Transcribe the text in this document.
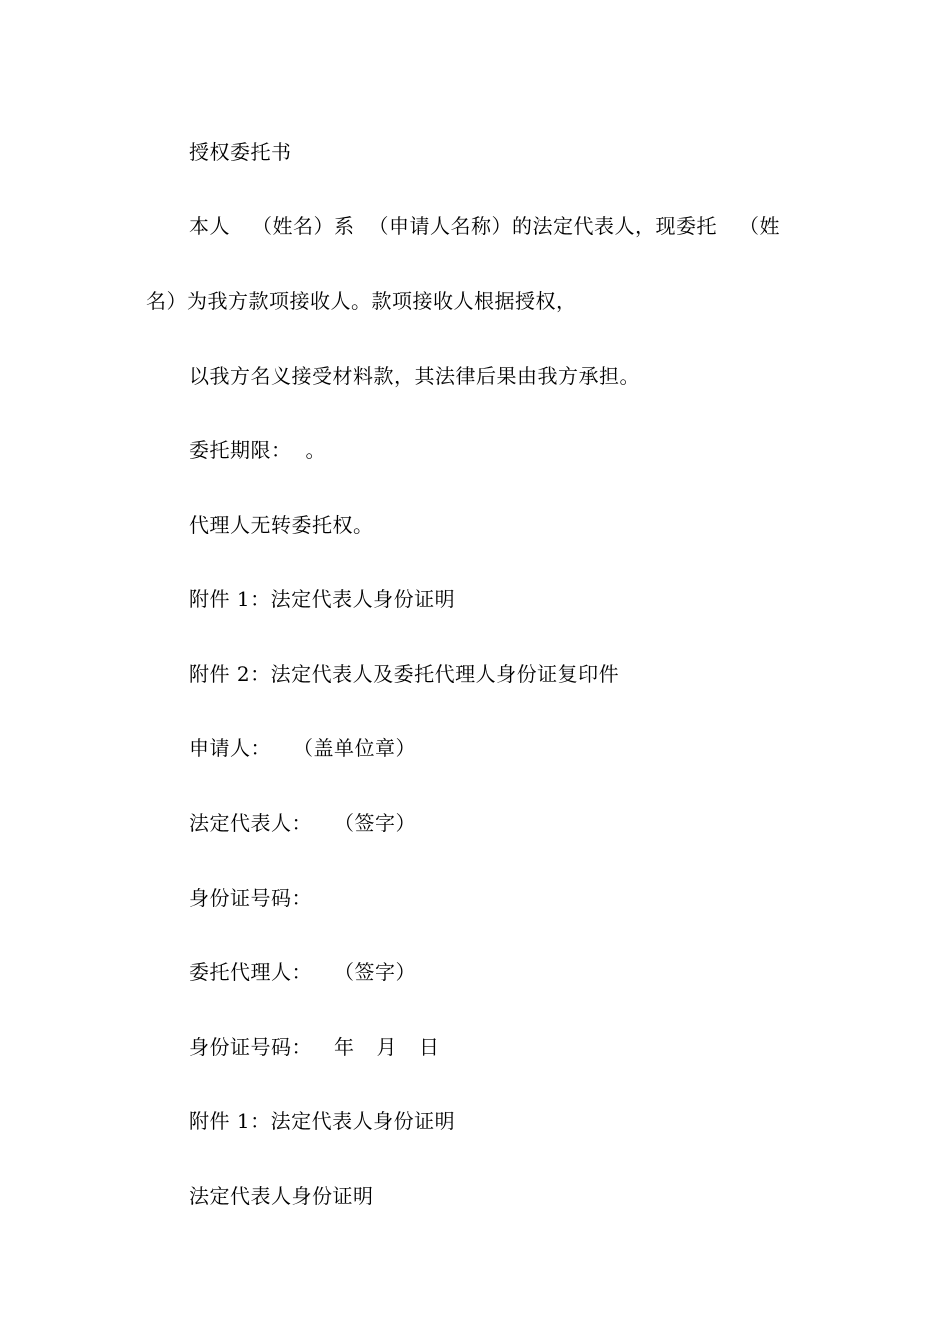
授权委托书

本人 （姓名）系 （申请人名称）的法定代表人，现委托 （姓

名）为我方款项接收人。款项接收人根据授权，

以我方名义接受材料款，其法律后果由我方承担。

委托期限： 。

代理人无转委托权。

附件 1：法定代表人身份证明

附件 2：法定代表人及委托代理人身份证复印件

申请人： （盖单位章）

法定代表人： （签字）

身份证号码：

委托代理人： （签字）

身份证号码： 年 月 日

附件 1：法定代表人身份证明

法定代表人身份证明
